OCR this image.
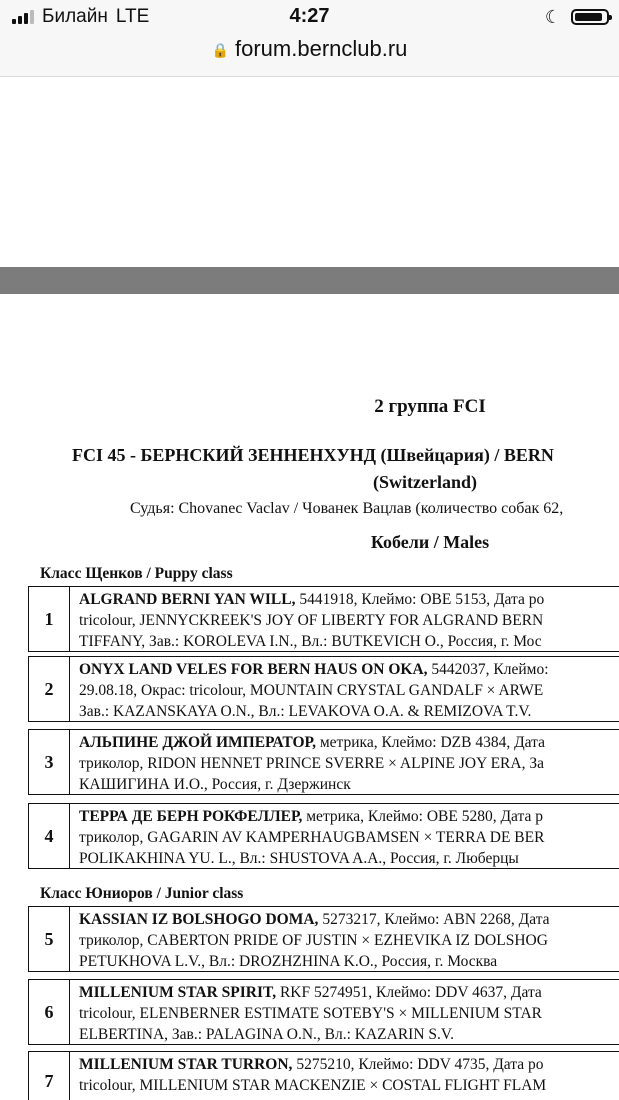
2 группа FCI
FCI 45 - БЕРНСКИЙ ЗЕННЕНХУНД (Швейцария) / BERN
(Switzerland)
Судья: Chovanec Vaclav / Чованек Вацлав (количество собак 62,
Кобели / Males
Класс Щенков / Puppy class
1
ALGRAND BERNI YAN WILL, 5441918, Клеймо: OBE 5153, Дата ро
tricolour, JENNYCKREEK'S JOY OF LIBERTY FOR ALGRAND BERN
TIFFANY, Зав.: KOROLEVA I.N., Вл.: BUTKEVICH O., Россия, г. Мос
2
ONYX LAND VELES FOR BERN HAUS ON OKA, 5442037, Клеймо:
29.08.18, Окрас: tricolour, MOUNTAIN CRYSTAL GANDALF × ARWE
Зав.: KAZANSKAYA O.N., Вл.: LEVAKOVA O.A. & REMIZOVA T.V.
3
АЛЬПИНЕ ДЖОЙ ИМПЕРАТОР, метрика, Клеймо: DZB 4384, Дата
триколор, RIDON HENNET PRINCE SVERRE × ALPINE JOY ERA, За
КАШИГИНА И.О., Россия, г. Дзержинск
4
ТЕРРА ДЕ БЕРН РОКФЕЛЛЕР, метрика, Клеймо: OBE 5280, Дата р
триколор, GAGARIN AV KAMPERHAUGBAMSEN × TERRA DE BER
POLIKAKHINA YU. L., Вл.: SHUSTOVA A.A., Россия, г. Люберцы
Класс Юниоров / Junior class
5
KASSIAN IZ BOLSHOGO DOMA, 5273217, Клеймо: ABN 2268, Дата
триколор, CABERTON PRIDE OF JUSTIN × EZHEVIKA IZ DOLSHOG
PETUKHOVA L.V., Вл.: DROZHZHINA K.O., Россия, г. Москва
6
MILLENIUM STAR SPIRIT, RKF 5274951, Клеймо: DDV 4637, Дата
tricolour, ELENBERNER ESTIMATE SOTEBY'S × MILLENIUM STAR
ELBERTINA, Зав.: PALAGINA O.N., Вл.: KAZARIN S.V.
7
MILLENIUM STAR TURRON, 5275210, Клеймо: DDV 4735, Дата ро
tricolour, MILLENIUM STAR MACKENZIE × COSTAL FLIGHT FLAM

Билайн LTE	4:27	☾
🔒 forum.bernclub.ru
